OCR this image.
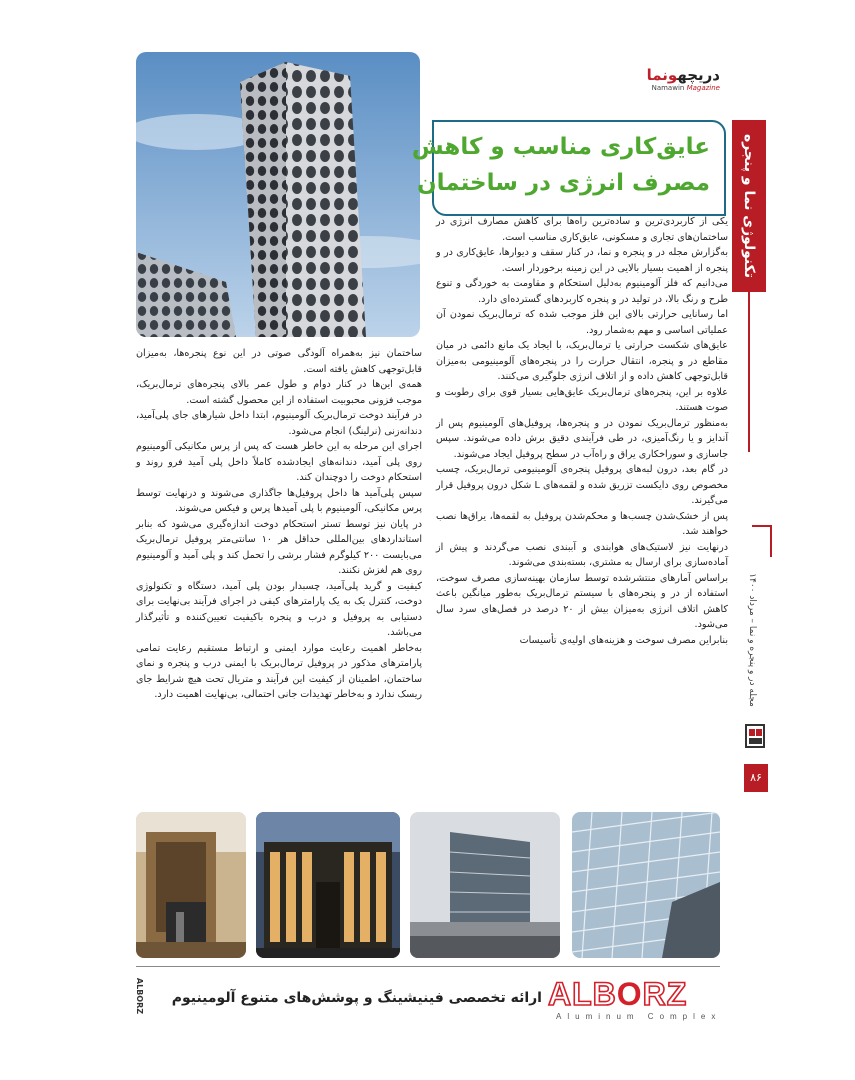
دریچهونما
Namawin Magazine
تکنولوژی نما و پنجره
مجله در و پنجره و نما – مرداد ۱۴۰۰
۸۶
عایق‌کاری مناسب و کاهش
مصرف انرژی در ساختمان

یکی از کاربردی‌ترین و ساده‌ترین راه‌ها برای کاهش مصارف انرژی در ساختمان‌های تجاری و مسکونی، عایق‌کاری مناسب است.

به‌گزارش مجله در و پنجره و نما، در کنار سقف و دیوارها، عایق‌کاری در و پنجره از اهمیت بسیار بالایی در این زمینه برخوردار است.

می‌دانیم که فلز آلومینیوم به‌دلیل استحکام و مقاومت به خوردگی و تنوع طرح و رنگ بالا، در تولید در و پنجره کاربردهای گسترده‌ای دارد.

اما رسانایی حرارتی بالای این فلز موجب شده که ترمال‌بریک نمودن آن عملیاتی اساسی و مهم به‌شمار رود.

عایق‌های شکست حرارتی یا ترمال‌بریک، با ایجاد یک مانع دائمی در میان مقاطع در و پنجره، انتقال حرارت را در پنجره‌های آلومینیومی به‌میزان قابل‌توجهی کاهش داده و از اتلاف انرژی جلوگیری می‌کنند.

علاوه بر این، پنجره‌های ترمال‌بریک عایق‌هایی بسیار قوی برای رطوبت و صوت هستند.

به‌منظور ترمال‌بریک نمودن در و پنجره‌ها، پروفیل‌های آلومینیوم پس از آندایز و یا رنگ‌آمیزی، در طی فرآیندی دقیق برش داده می‌شوند. سپس جاسازی و سوراخکاری یراق و راه‌آب در سطح پروفیل ایجاد می‌شوند.

در گام بعد، درون لبه‌های پروفیل پنجره‌ی آلومینیومی ترمال‌بریک، چسب مخصوص روی دایکست تزریق شده و لقمه‌های L شکل درون پروفیل قرار می‌گیرند.

پس از خشک‌شدن چسب‌ها و محکم‌شدن پروفیل به لقمه‌ها، یراق‌ها نصب خواهند شد.

درنهایت نیز لاستیک‌های هوابندی و آببندی نصب می‌گردند و پیش از آماده‌سازی برای ارسال به مشتری، بسته‌بندی می‌شوند.

براساس آمارهای منتشرشده توسط سازمان بهینه‌سازی مصرف سوخت، استفاده از در و پنجره‌های با سیستم ترمال‌بریک به‌طور میانگین باعث کاهش اتلاف انرژی به‌میزان بیش از ۲۰ درصد در فصل‌های سرد سال می‌شود.

بنابراین مصرف سوخت و هزینه‌های اولیه‌ی تأسیسات

ساختمان نیز به‌همراه آلودگی صوتی در این نوع پنجره‌ها، به‌میزان قابل‌توجهی کاهش یافته است.

همه‌ی این‌ها در کنار دوام و طول عمر بالای پنجره‌های ترمال‌بریک، موجب فزونی محبوبیت استفاده از این محصول گشته است.

در فرآیند دوخت ترمال‌بریک آلومینیوم، ابتدا داخل شیارهای جای پلی‌آمید، دندانه‌زنی (نرلینگ) انجام می‌شود.

اجرای این مرحله به این خاطر هست که پس از پرس مکانیکی آلومینیوم روی پلی آمید، دندانه‌های ایجادشده کاملاً داخل پلی آمید فرو روند و استحکام دوخت را دوچندان کند.

سپس پلی‌آمید ها داخل پروفیل‌ها جاگذاری می‌شوند و درنهایت توسط پرس مکانیکی، آلومینیوم با پلی آمیدها پرس و فیکس می‌شوند.

در پایان نیز توسط تستر استحکام دوخت اندازه‌گیری می‌شود که بنابر استانداردهای بین‌المللی حداقل هر ۱۰ سانتی‌متر پروفیل ترمال‌بریک می‌بایست ۲۰۰ کیلوگرم فشار برشی را تحمل کند و پلی آمید و آلومینیوم روی هم لغزش نکنند.

کیفیت و گرید پلی‌آمید، چسبدار بودن پلی آمید، دستگاه و تکنولوژی دوخت، کنترل یک به یک پارامترهای کیفی در اجرای فرآیند بی‌نهایت برای دستیابی به پروفیل و درب و پنجره باکیفیت تعیین‌کننده و تأثیرگذار می‌باشد.

به‌خاطر اهمیت رعایت موارد ایمنی و ارتباط مستقیم رعایت تمامی پارامترهای مذکور در پروفیل ترمال‌بریک با ایمنی درب و پنجره و نمای ساختمان، اطمینان از کیفیت این فرآیند و متریال تحت هیچ شرایط جای ریسک ندارد و به‌خاطر تهدیدات جانی احتمالی، بی‌نهایت اهمیت دارد.

ALBORZ ارائه تخصصی فینیشینگ و پوشش‌های متنوع آلومینیوم ALBORZ
Aluminum Complex
